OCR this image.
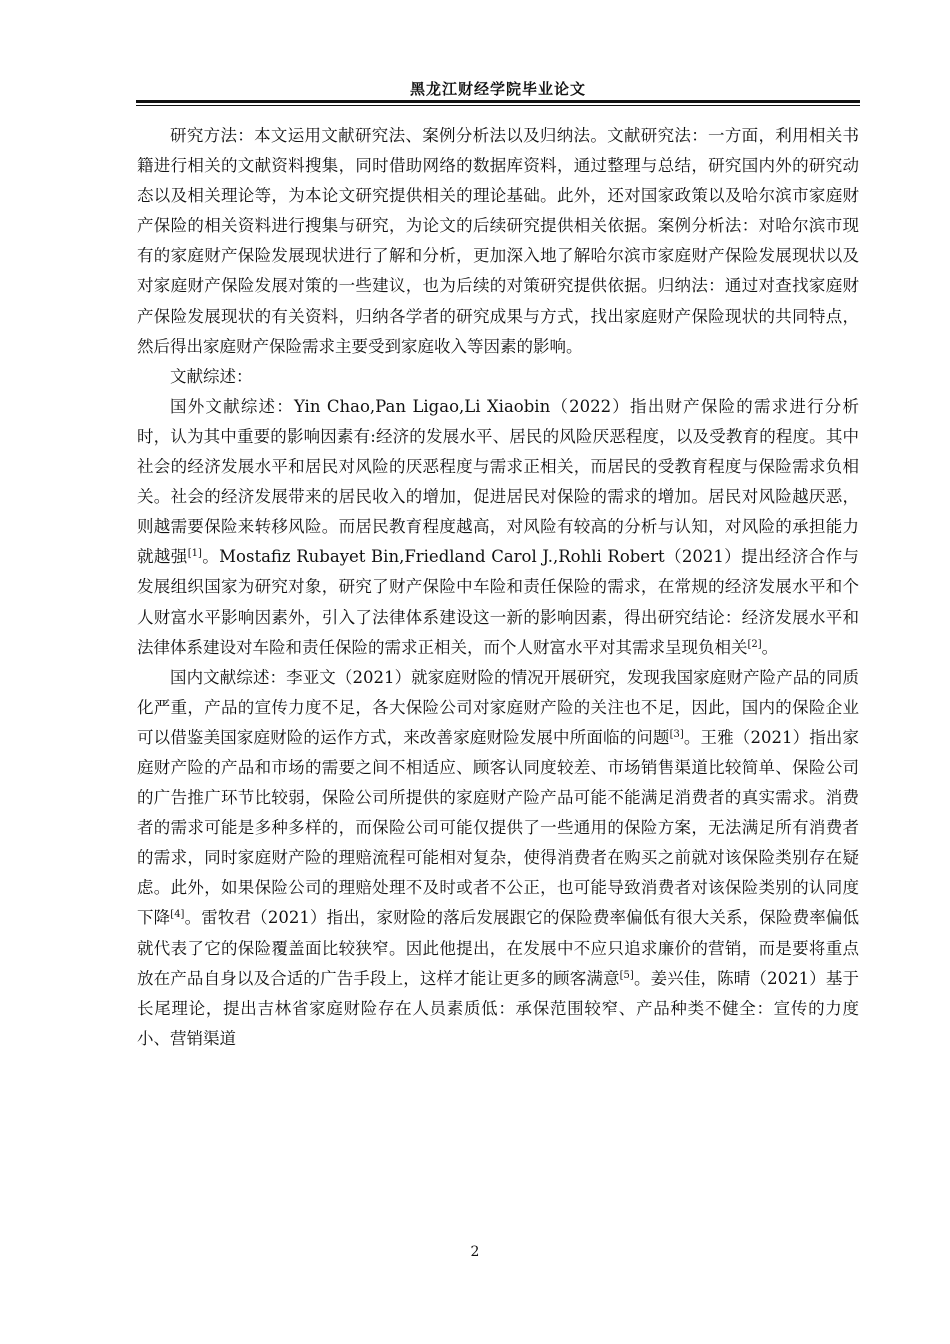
黑龙江财经学院毕业论文

研究方法：本文运用文献研究法、案例分析法以及归纳法。文献研究法：一方面，利用相关书籍进行相关的文献资料搜集，同时借助网络的数据库资料，通过整理与总结，研究国内外的研究动态以及相关理论等，为本论文研究提供相关的理论基础。此外，还对国家政策以及哈尔滨市家庭财产保险的相关资料进行搜集与研究，为论文的后续研究提供相关依据。案例分析法：对哈尔滨市现有的家庭财产保险发展现状进行了解和分析，更加深入地了解哈尔滨市家庭财产保险发展现状以及对家庭财产保险发展对策的一些建议，也为后续的对策研究提供依据。归纳法：通过对查找家庭财产保险发展现状的有关资料，归纳各学者的研究成果与方式，找出家庭财产保险现状的共同特点，然后得出家庭财产保险需求主要受到家庭收入等因素的影响。

文献综述：

国外文献综述：Yin Chao,Pan Ligao,Li Xiaobin（2022）指出财产保险的需求进行分析时，认为其中重要的影响因素有:经济的发展水平、居民的风险厌恶程度，以及受教育的程度。其中社会的经济发展水平和居民对风险的厌恶程度与需求正相关，而居民的受教育程度与保险需求负相关。社会的经济发展带来的居民收入的增加，促进居民对保险的需求的增加。居民对风险越厌恶，则越需要保险来转移风险。而居民教育程度越高，对风险有较高的分析与认知，对风险的承担能力就越强[1]。Mostafiz Rubayet Bin,Friedland Carol J.,Rohli Robert（2021）提出经济合作与发展组织国家为研究对象，研究了财产保险中车险和责任保险的需求，在常规的经济发展水平和个人财富水平影响因素外，引入了法律体系建设这一新的影响因素，得出研究结论：经济发展水平和法律体系建设对车险和责任保险的需求正相关，而个人财富水平对其需求呈现负相关[2]。

国内文献综述：李亚文（2021）就家庭财险的情况开展研究，发现我国家庭财产险产品的同质化严重，产品的宣传力度不足，各大保险公司对家庭财产险的关注也不足，因此，国内的保险企业可以借鉴美国家庭财险的运作方式，来改善家庭财险发展中所面临的问题[3]。王雅（2021）指出家庭财产险的产品和市场的需要之间不相适应、顾客认同度较差、市场销售渠道比较简单、保险公司的广告推广环节比较弱，保险公司所提供的家庭财产险产品可能不能满足消费者的真实需求。消费者的需求可能是多种多样的，而保险公司可能仅提供了一些通用的保险方案，无法满足所有消费者的需求，同时家庭财产险的理赔流程可能相对复杂，使得消费者在购买之前就对该保险类别存在疑虑。此外，如果保险公司的理赔处理不及时或者不公正，也可能导致消费者对该保险类别的认同度下降[4]。雷牧君（2021）指出，家财险的落后发展跟它的保险费率偏低有很大关系，保险费率偏低就代表了它的保险覆盖面比较狭窄。因此他提出，在发展中不应只追求廉价的营销，而是要将重点放在产品自身以及合适的广告手段上，这样才能让更多的顾客满意[5]。姜兴佳，陈晴（2021）基于长尾理论，提出吉林省家庭财险存在人员素质低：承保范围较窄、产品种类不健全：宣传的力度小、营销渠道

2
